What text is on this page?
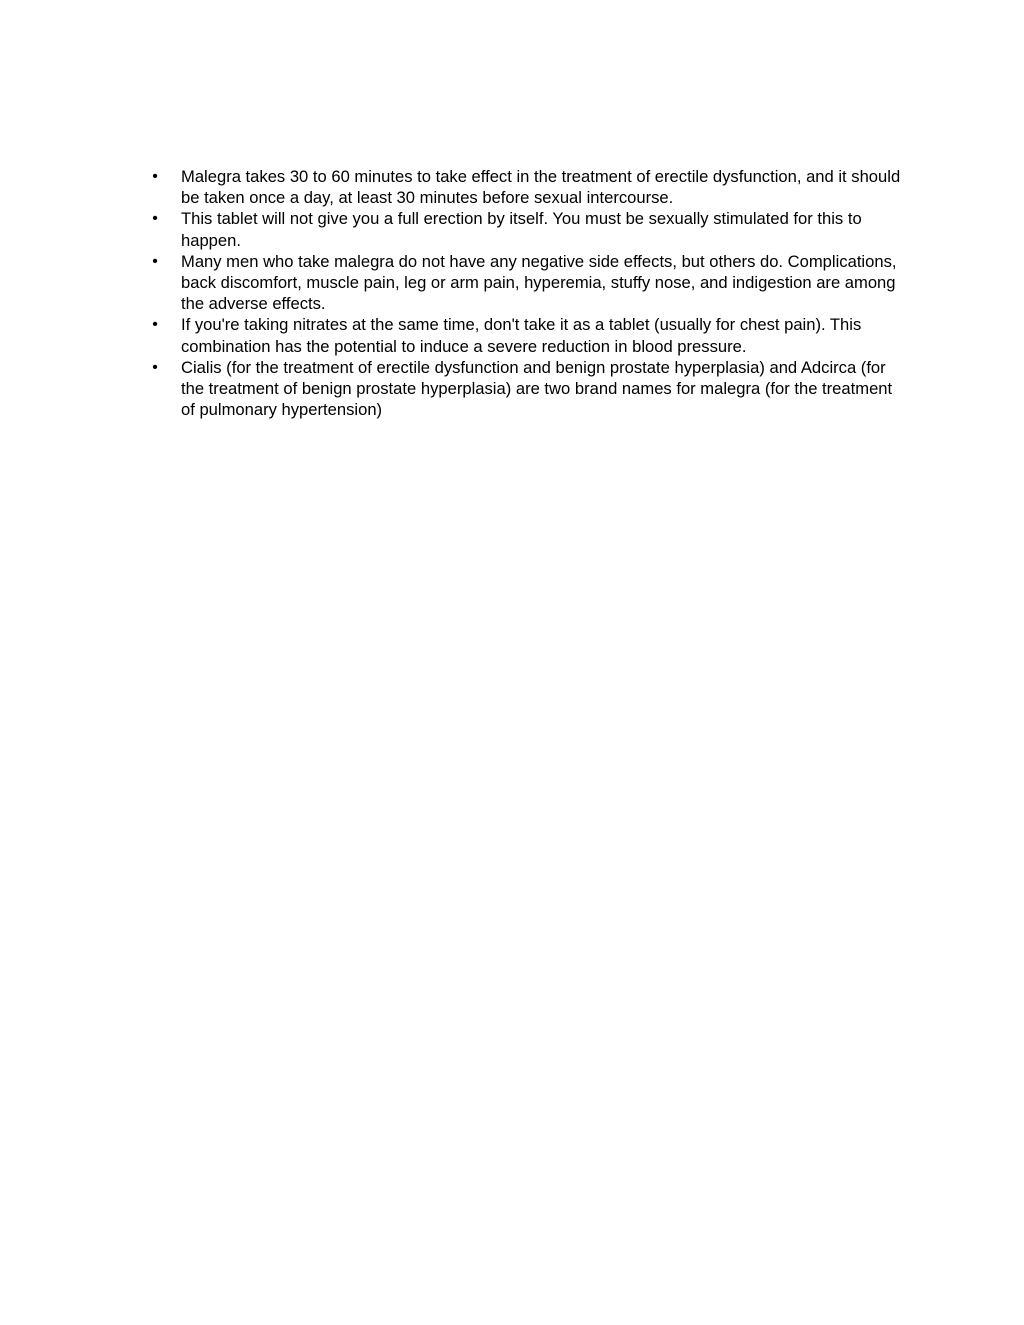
• Malegra takes 30 to 60 minutes to take effect in the treatment of erectile dysfunction, and it should be taken once a day, at least 30 minutes before sexual intercourse.
• This tablet will not give you a full erection by itself. You must be sexually stimulated for this to happen.
• Many men who take malegra do not have any negative side effects, but others do. Complications, back discomfort, muscle pain, leg or arm pain, hyperemia, stuffy nose, and indigestion are among the adverse effects.
• If you're taking nitrates at the same time, don't take it as a tablet (usually for chest pain). This combination has the potential to induce a severe reduction in blood pressure.
• Cialis (for the treatment of erectile dysfunction and benign prostate hyperplasia) and Adcirca (for the treatment of benign prostate hyperplasia) are two brand names for malegra (for the treatment of pulmonary hypertension)
